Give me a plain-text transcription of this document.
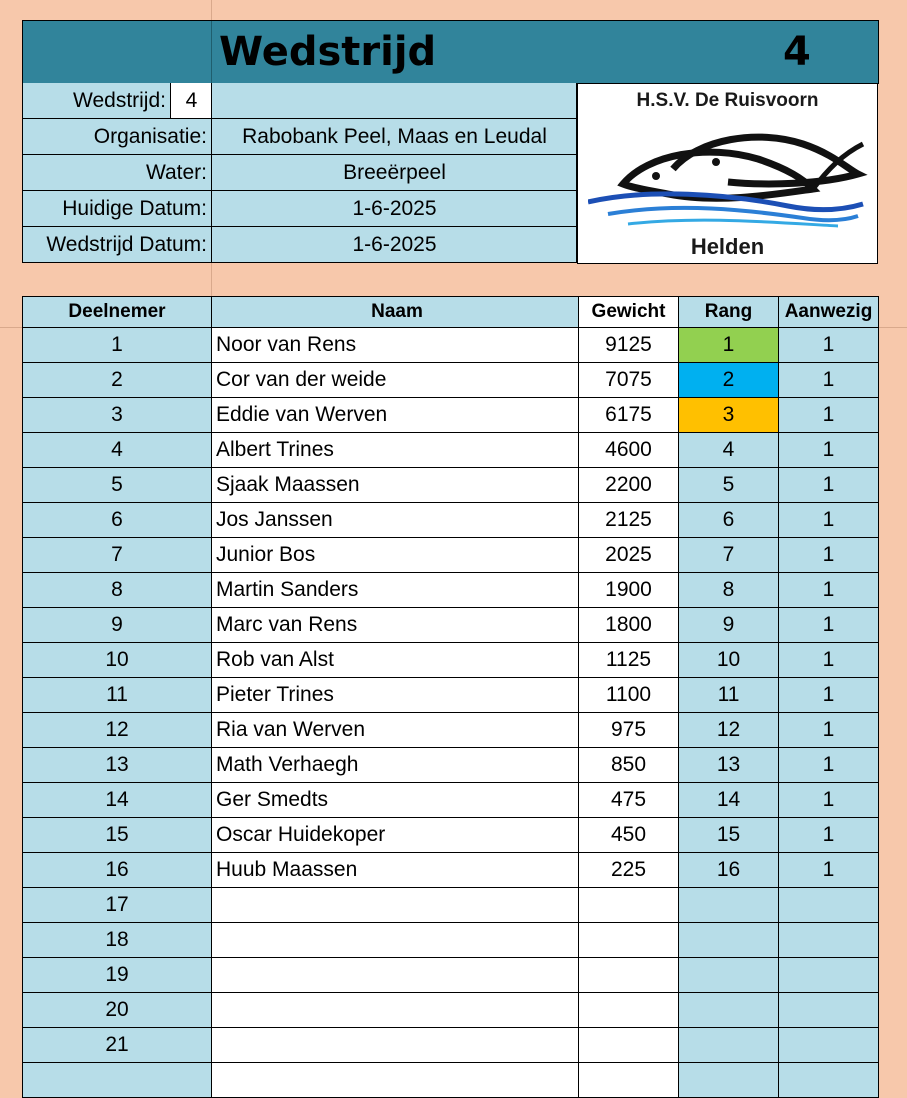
Wedstrijd	4
Wedstrijd: 4
Organisatie:	Rabobank Peel, Maas en Leudal
Water:	Breeërpeel
Huidige Datum:	1-6-2025
Wedstrijd Datum:	1-6-2025
H.S.V. De Ruisvoorn
Helden
Deelnemer	Naam	Gewicht	Rang	Aanwezig
1	Noor van Rens	9125	1	1
2	Cor van der weide	7075	2	1
3	Eddie van Werven	6175	3	1
4	Albert Trines	4600	4	1
5	Sjaak Maassen	2200	5	1
6	Jos Janssen	2125	6	1
7	Junior Bos	2025	7	1
8	Martin Sanders	1900	8	1
9	Marc van Rens	1800	9	1
10	Rob van Alst	1125	10	1
11	Pieter Trines	1100	11	1
12	Ria van Werven	975	12	1
13	Math Verhaegh	850	13	1
14	Ger Smedts	475	14	1
15	Oscar Huidekoper	450	15	1
16	Huub Maassen	225	16	1
17				
18				
19				
20				
21				
